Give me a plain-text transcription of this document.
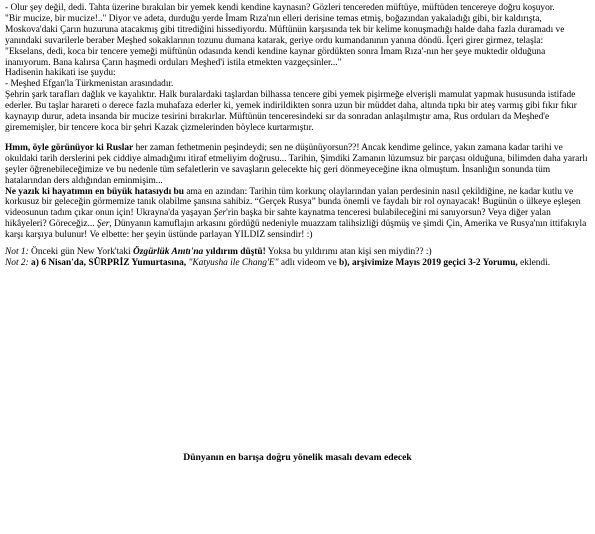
- Olur şey değil, dedi. Tahta üzerine bırakılan bir yemek kendi kendine kaynasın? Gözleri tencereden müftüye, müftüden tencereye doğru koşuyor.

"Bir mucize, bir mucize!.." Diyor ve adeta, durduğu yerde İmam Rıza'nın elleri derisine temas etmiş, boğazından yakaladığı gibi, bir kaldırışta, Moskova'daki Çarın huzuruna atacakmış gibi titrediğini hissediyordu. Müftünün karşısında tek bir kelime konuşmadığı halde daha fazla duramadı ve yanındaki suvarilerle beraber Meşhed sokaklarının tozunu dumana katarak, geriye ordu kumandanının yanına döndü. İçeri girer girmez, telaşla:

"Ekselans, dedi, koca bir tencere yemeği müftünün odasında kendi kendine kaynar gördükten sonra İmam Rıza'-nın her şeye muktedir olduğuna inanıyorum. Bana kalırsa Çarın haşmedi orduları Meşhed'i istila etmekten vazgeçsinler..."

Hadisenin hakikati ise şuydu:

- Meşhed Efgan'la Türkmenistan arasındadır.

Şehrin şark tarafları dağlık ve kayalıktır. Halk buralardaki taşlardan bilhassa tencere gibi yemek pişirmeğe elverişli mamulat yapmak hususunda istifade ederler. Bu taşlar harareti o derece fazla muhafaza ederler ki, yemek indirildikten sonra uzun bir müddet daha, altında tıpkı bir ateş varmış gibi fıkır fıkır kaynayıp durur, adeta insanda bir mucize tesirini bırakırlar. Müftünün tenceresindeki sır da sonradan anlaşılmıştır ama, Rus orduları da Meşhed'e girememişler, bir tencere koca bir şehri Kazak çizmelerinden böylece kurtarmıştır.

Hmm, öyle görünüyor ki Ruslar her zaman fethetmenin peşindeydi; sen ne düşünüyorsun??! Ancak kendime gelince, yakın zamana kadar tarihi ve okuldaki tarih derslerini pek ciddiye almadığımı itiraf etmeliyim doğrusu... Tarihin, Şimdiki Zamanın lüzumsuz bir parçası olduğuna, bilimden daha yararlı şeyler öğrenebileceğimize ve bu nedenle tüm sefaletlerin ve savaşların gelecekte hiç geri dönmeyeceğine ikna olmuştum. İnsanlığın sonunda tüm hatalarından ders aldığından eminmişim...

Ne yazık ki hayatımın en büyük hatasıydı bu ama en azından: Tarihin tüm korkunç olaylarından yalan perdesinin nasıl çekildiğine, ne kadar kutlu ve korkusuz bir geleceğin görmemize tanık olabilme şansına sahibiz. “Gerçek Rusya” bunda önemli ve faydalı bir rol oynayacak! Bugünün o ülkeye eşleşen videosunun tadım çıkar onun için! Ukrayna'da yaşayan Şer'rin başka bir sahte kaynatma tenceresi bulabileceğini mi sanıyorsun? Veya diğer yalan hikâyeleri? Göreceğiz... Şer, Dünyanın kamuflajın arkasını gördüğü nedeniyle muazzam talihsizliği düşmüş ve şimdi Çin, Amerika ve Rusya'nın ittifakıyla karşı karşıya bulunur! Ve elbette: her şeyin üstünde parlayan YILDIZ sensindir! :)

Not 1: Önceki gün New York'taki Özgürlük Anıtı'na yıldırım düştü! Yoksa bu yıldırımı atan kişi sen miydin?? :)

Not 2: a) 6 Nisan'da, SÜRPRİZ Yumurtasına, "Katyusha ile Chang'E" adlı videom ve b), arşivimize Mayıs 2019 geçici 3-2 Yorumu, eklendi.

Dünyanın en barışa doğru yönelik masalı devam edecek
